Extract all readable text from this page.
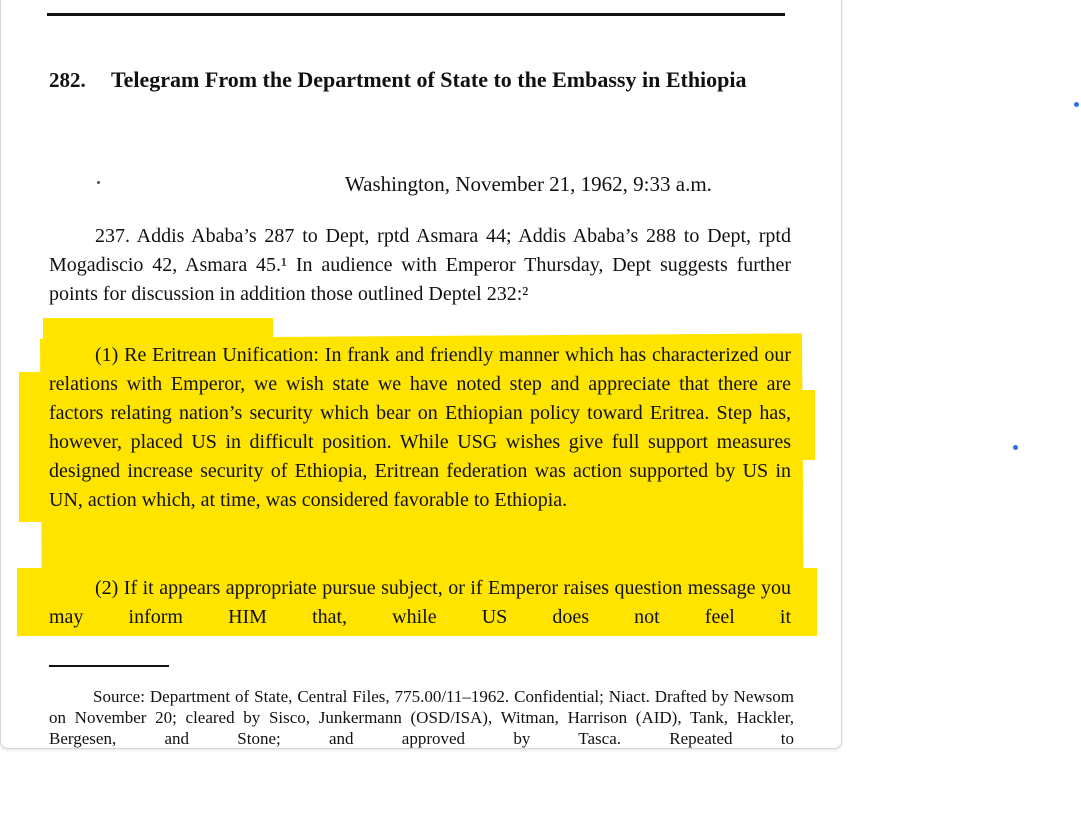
282. Telegram From the Department of State to the Embassy in Ethiopia
Washington, November 21, 1962, 9:33 a.m.

237. Addis Ababa’s 287 to Dept, rptd Asmara 44; Addis Ababa’s 288 to Dept, rptd Mogadiscio 42, Asmara 45.¹ In audience with Emperor Thursday, Dept suggests further points for discussion in addition those outlined Deptel 232:²

(1) Re Eritrean Unification: In frank and friendly manner which has characterized our relations with Emperor, we wish state we have noted step and appreciate that there are factors relating nation’s security which bear on Ethiopian policy toward Eritrea. Step has, however, placed US in difficult position. While USG wishes give full support measures designed increase security of Ethiopia, Eritrean federation was action supported by US in UN, action which, at time, was considered favorable to Ethiopia.

(2) If it appears appropriate pursue subject, or if Emperor raises question message you may inform HIM that, while US does not feel it

Source: Department of State, Central Files, 775.00/11–1962. Confidential; Niact. Drafted by Newsom on November 20; cleared by Sisco, Junkermann (OSD/ISA), Witman, Harrison (AID), Tank, Hackler, Bergesen, and Stone; and approved by Tasca. Repeated to
